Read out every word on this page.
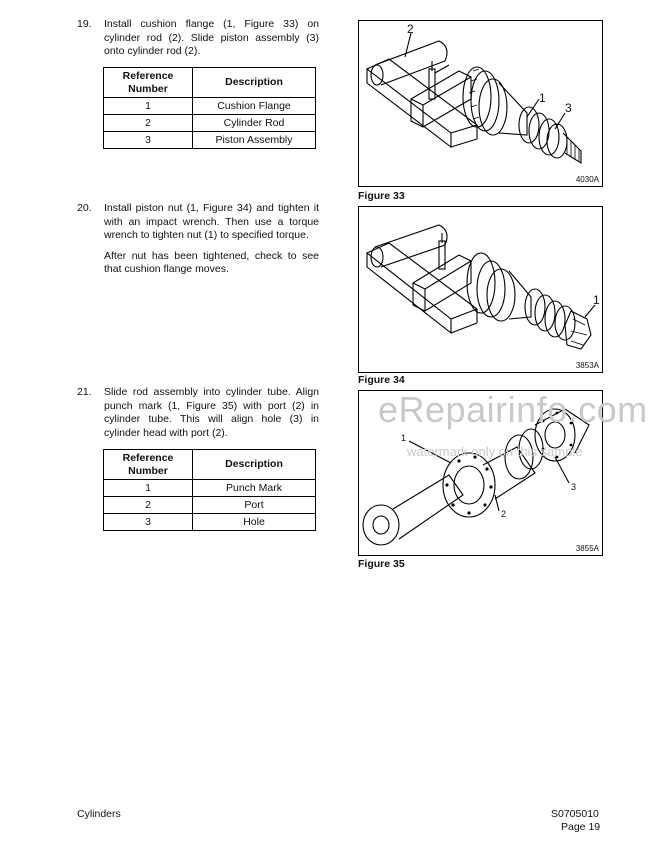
19. Install cushion flange (1, Figure 33) on cylinder rod (2). Slide piston assembly (3) onto cylinder rod (2).

Reference Number	Description
1	Cushion Flange
2	Cylinder Rod
3	Piston Assembly
20. Install piston nut (1, Figure 34) and tighten it with an impact wrench. Then use a torque wrench to tighten nut (1) to specified torque.

After nut has been tightened, check to see that cushion flange moves.

21. Slide rod assembly into cylinder tube. Align punch mark (1, Figure 35) with port (2) in cylinder tube. This will align hole (3) in cylinder head with port (2).

Reference Number	Description
1	Punch Mark
2	Port
3	Hole
2
1
3
4030A
Figure 33
1
3853A
Figure 34
1
2
3
3855A
Figure 35
eRepairinfo.com
watermark only on this sample
Cylinders	S0705010
Page 19
